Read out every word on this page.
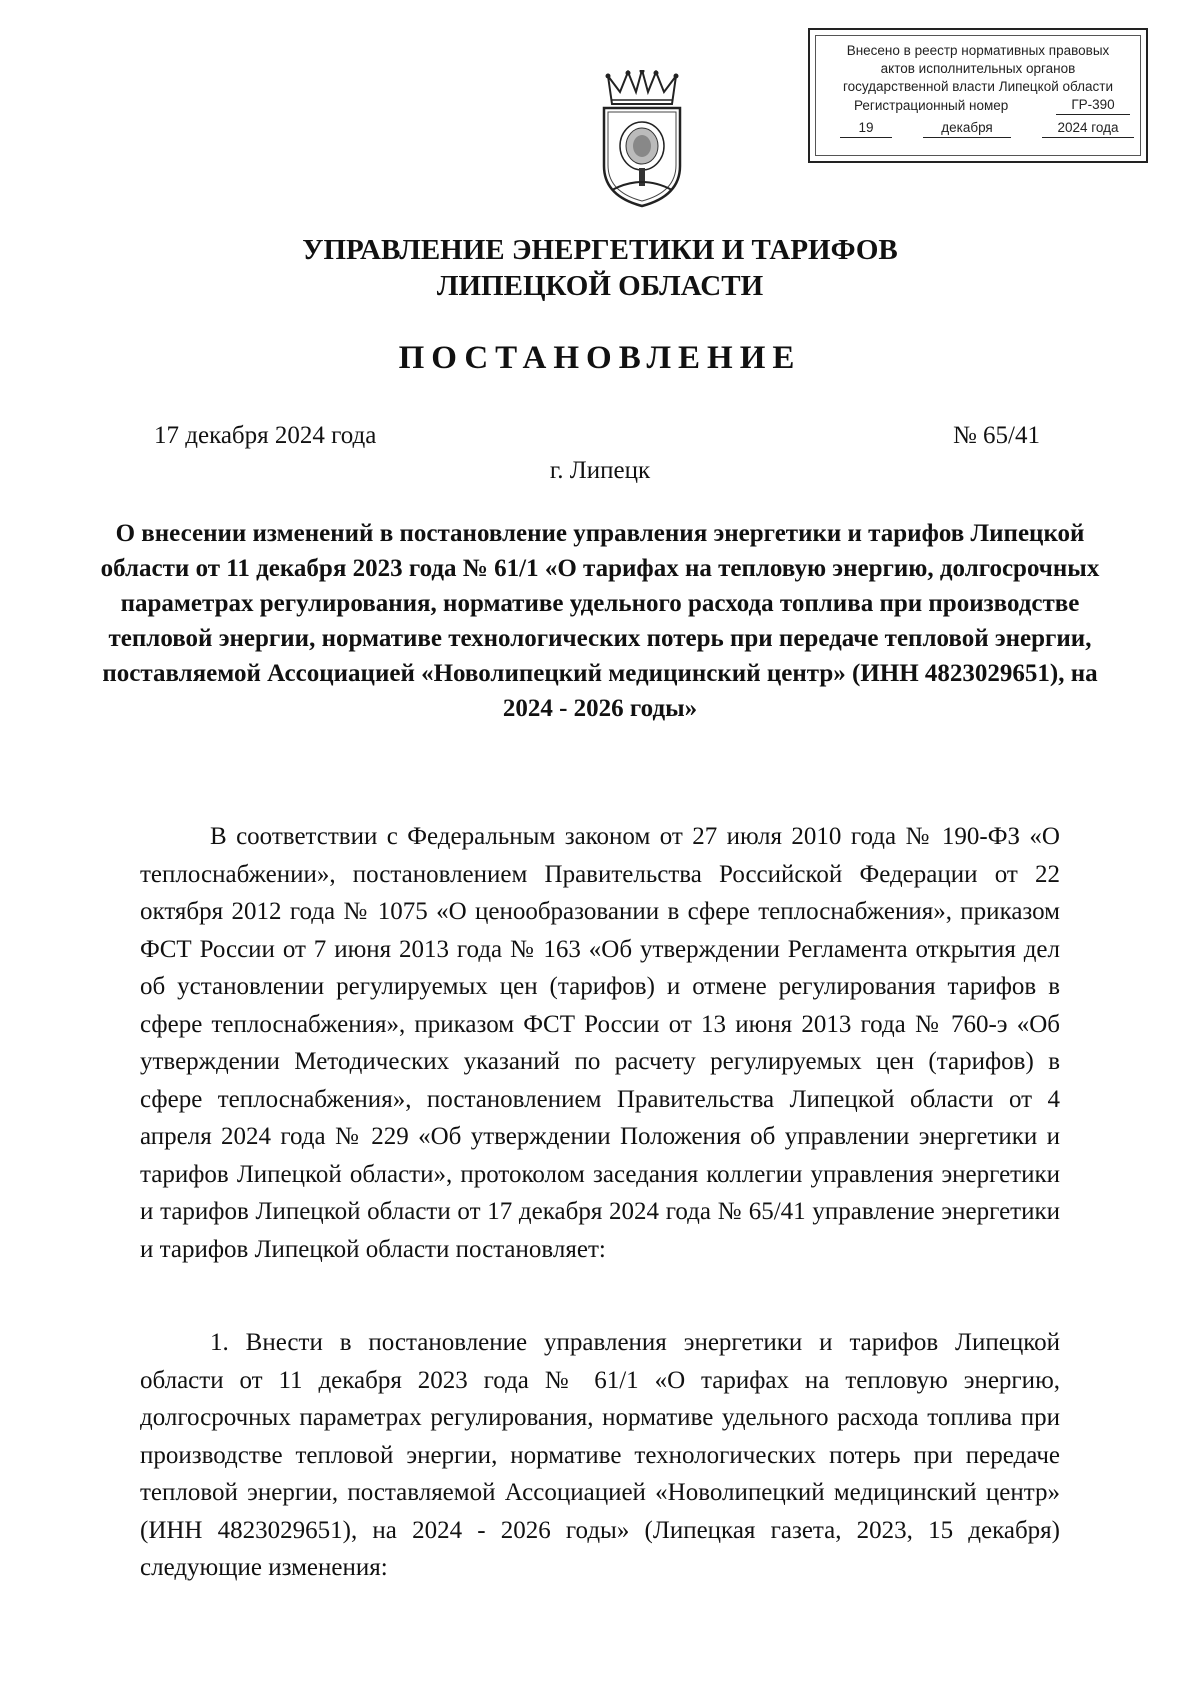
Внесено в реестр нормативных правовых
актов исполнительных органов
государственной власти Липецкой области
Регистрационный номер	ГР-390
19	декабря	2024 года
УПРАВЛЕНИЕ ЭНЕРГЕТИКИ И ТАРИФОВ
ЛИПЕЦКОЙ ОБЛАСТИ
ПОСТАНОВЛЕНИЕ
17 декабря 2024 года	№ 65/41
г. Липецк
О внесении изменений в постановление управления энергетики и тарифов Липецкой области от 11 декабря 2023 года № 61/1 «О тарифах на тепловую энергию, долгосрочных параметрах регулирования, нормативе удельного расхода топлива при производстве тепловой энергии, нормативе технологических потерь при передаче тепловой энергии, поставляемой Ассоциацией «Новолипецкий медицинский центр» (ИНН 4823029651), на 2024 - 2026 годы»

В соответствии с Федеральным законом от 27 июля 2010 года № 190-ФЗ «О теплоснабжении», постановлением Правительства Российской Федерации от 22 октября 2012 года № 1075 «О ценообразовании в сфере теплоснабжения», приказом ФСТ России от 7 июня 2013 года № 163 «Об утверждении Регламента открытия дел об установлении регулируемых цен (тарифов) и отмене регулирования тарифов в сфере теплоснабжения», приказом ФСТ России от 13 июня 2013 года № 760-э «Об утверждении Методических указаний по расчету регулируемых цен (тарифов) в сфере теплоснабжения», постановлением Правительства Липецкой области от 4 апреля 2024 года № 229 «Об утверждении Положения об управлении энергетики и тарифов Липецкой области», протоколом заседания коллегии управления энергетики и тарифов Липецкой области от 17 декабря 2024 года № 65/41 управление энергетики и тарифов Липецкой области постановляет:

1. Внести в постановление управления энергетики и тарифов Липецкой области от 11 декабря 2023 года № 61/1 «О тарифах на тепловую энергию, долгосрочных параметрах регулирования, нормативе удельного расхода топлива при производстве тепловой энергии, нормативе технологических потерь при передаче тепловой энергии, поставляемой Ассоциацией «Новолипецкий медицинский центр» (ИНН 4823029651), на 2024 - 2026 годы» (Липецкая газета, 2023, 15 декабря) следующие изменения:
